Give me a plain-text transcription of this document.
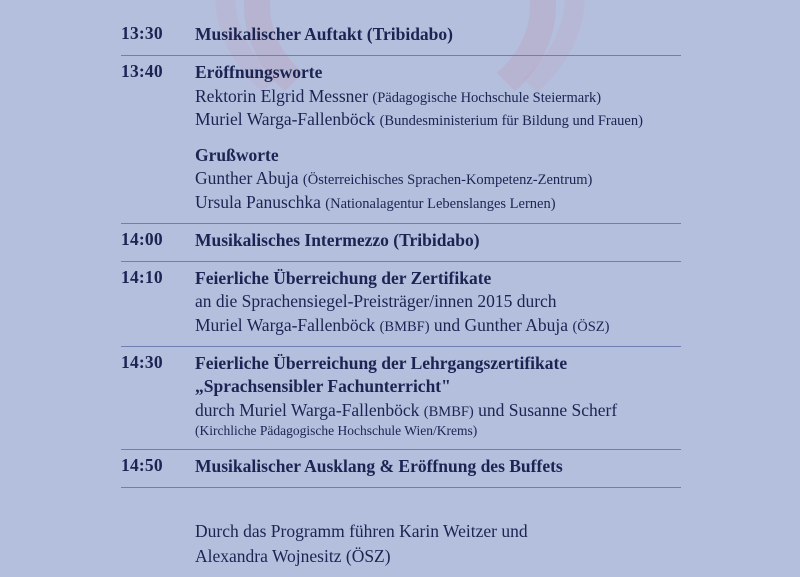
13:30	Musikalischer Auftakt (Tribidabo)

13:40	Eröffnungsworte
Rektorin Elgrid Messner (Pädagogische Hochschule Steiermark)
Muriel Warga-Fallenböck (Bundesministerium für Bildung und Frauen)
Grußworte
Gunther Abuja (Österreichisches Sprachen-Kompetenz-Zentrum)
Ursula Panuschka (Nationalagentur Lebenslanges Lernen)

14:00	Musikalisches Intermezzo (Tribidabo)

14:10	Feierliche Überreichung der Zertifikate
an die Sprachensiegel-Preisträger/innen 2015 durch
Muriel Warga-Fallenböck (BMBF) und Gunther Abuja (ÖSZ)

14:30	Feierliche Überreichung der Lehrgangszertifikate
„Sprachsensibler Fachunterricht"
durch Muriel Warga-Fallenböck (BMBF) und Susanne Scherf
(Kirchliche Pädagogische Hochschule Wien/Krems)

14:50	Musikalischer Ausklang & Eröffnung des Buffets

	Durch das Programm führen Karin Weitzer und
Alexandra Wojnesitz (ÖSZ)
